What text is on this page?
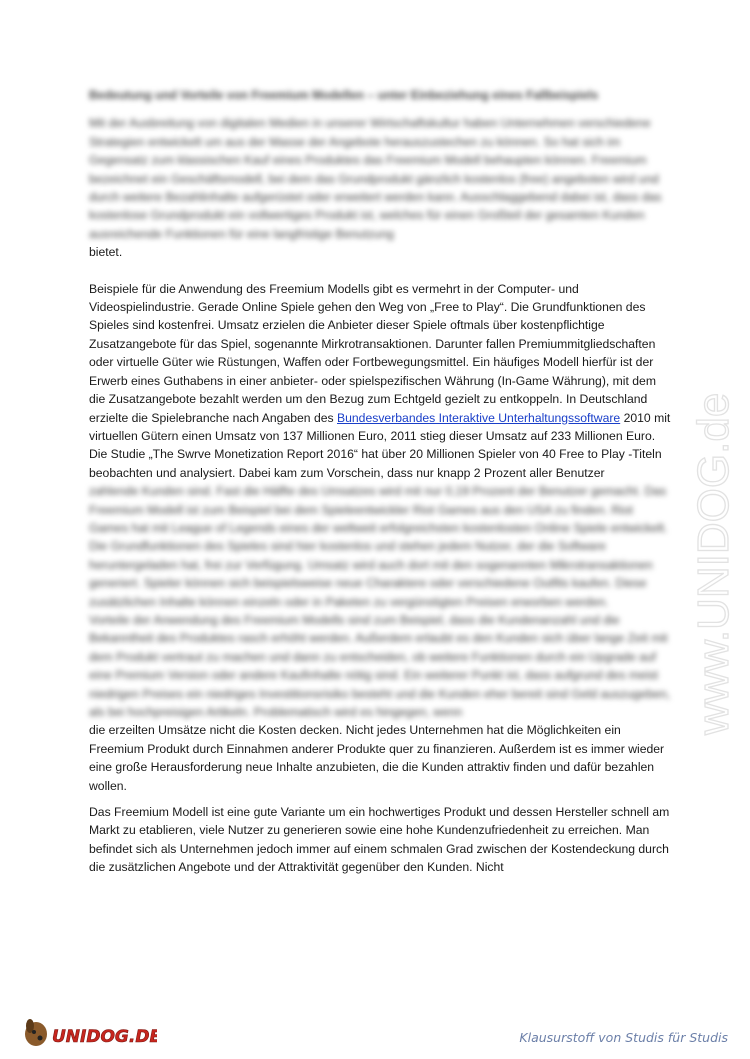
Bedeutung und Vorteile von Freemium Modellen – unter Einbeziehung eines Fallbeispiels

Mit der Ausbreitung von digitalen Medien in unserer Wirtschaftskultur haben Unternehmen verschiedene Strategien entwickelt um aus der Masse der Angebote herauszustechen zu können. So hat sich im Gegensatz zum klassischen Kauf eines Produktes das Freemium Modell behaupten können. Freemium bezeichnet ein Geschäftsmodell, bei dem das Grundprodukt gänzlich kostenlos (free) angeboten wird und durch weitere Bezahlinhalte aufgerüstet oder erweitert werden kann. Ausschlaggebend dabei ist, dass das kostenlose Grundprodukt ein vollwertiges Produkt ist, welches für einen Großteil der gesamten Kunden ausreichende Funktionen für eine langfristige Benutzung

bietet.

Beispiele für die Anwendung des Freemium Modells gibt es vermehrt in der Computer- und Videospielindustrie. Gerade Online Spiele gehen den Weg von „Free to Play“. Die Grundfunktionen des Spieles sind kostenfrei. Umsatz erzielen die Anbieter dieser Spiele oftmals über kostenpflichtige Zusatzangebote für das Spiel, sogenannte Mirkrotransaktionen. Darunter fallen Premiummitgliedschaften oder virtuelle Güter wie Rüstungen, Waffen oder Fortbewegungsmittel. Ein häufiges Modell hierfür ist der Erwerb eines Guthabens in einer anbieter- oder spielspezifischen Währung (In-Game Währung), mit dem die Zusatzangebote bezahlt werden um den Bezug zum Echtgeld gezielt zu entkoppeln. In Deutschland erzielte die Spielebranche nach Angaben des Bundesverbandes Interaktive Unterhaltungssoftware 2010 mit virtuellen Gütern einen Umsatz von 137 Millionen Euro, 2011 stieg dieser Umsatz auf 233 Millionen Euro.

Die Studie „The Swrve Monetization Report 2016“ hat über 20 Millionen Spieler von 40 Free to Play -Titeln beobachten und analysiert. Dabei kam zum Vorschein, dass nur knapp 2 Prozent aller Benutzer

zahlende Kunden sind. Fast die Hälfte des Umsatzes wird mit nur 0,19 Prozent der Benutzer gemacht. Das Freemium Modell ist zum Beispiel bei dem Spieleentwickler Riot Games aus den USA zu finden. Riot Games hat mit League of Legends eines der weltweit erfolgreichsten kostenlosten Online Spiele entwickelt. Die Grundfunktionen des Spieles sind hier kostenlos und stehen jedem Nutzer, der die Software heruntergeladen hat, frei zur Verfügung. Umsatz wird auch dort mit den sogenannten Mikrotransaktionen generiert. Spieler können sich beispielsweise neue Charaktere oder verschiedene Outfits kaufen. Diese zusätzlichen Inhalte können einzeln oder in Paketen zu vergünstigten Preisen erworben werden.

Vorteile der Anwendung des Freemium Modells sind zum Beispiel, dass die Kundenanzahl und die Bekanntheit des Produktes rasch erhöht werden. Außerdem erlaubt es den Kunden sich über lange Zeit mit dem Produkt vertraut zu machen und dann zu entscheiden, ob weitere Funktionen durch ein Upgrade auf eine Premium Version oder andere Kaufinhalte nötig sind. Ein weiterer Punkt ist, dass aufgrund des meist niedrigen Preises ein niedriges Investitionsrisiko besteht und die Kunden eher bereit sind Geld auszugeben, als bei hochpreisigen Artikeln. Problematisch wird es hingegen, wenn

die erzeilten Umsätze nicht die Kosten decken. Nicht jedes Unternehmen hat die Möglichkeiten ein Freemium Produkt durch Einnahmen anderer Produkte quer zu finanzieren. Außerdem ist es immer wieder eine große Herausforderung neue Inhalte anzubieten, die die Kunden attraktiv finden und dafür bezahlen wollen.

Das Freemium Modell ist eine gute Variante um ein hochwertiges Produkt und dessen Hersteller schnell am Markt zu etablieren, viele Nutzer zu generieren sowie eine hohe Kundenzufriedenheit zu erreichen. Man befindet sich als Unternehmen jedoch immer auf einem schmalen Grad zwischen der Kostendeckung durch die zusätzlichen Angebote und der Attraktivität gegenüber den Kunden. Nicht

www.UNIDOG.de
UNIDOG.DE	Klausurstoff von Studis für Studis
